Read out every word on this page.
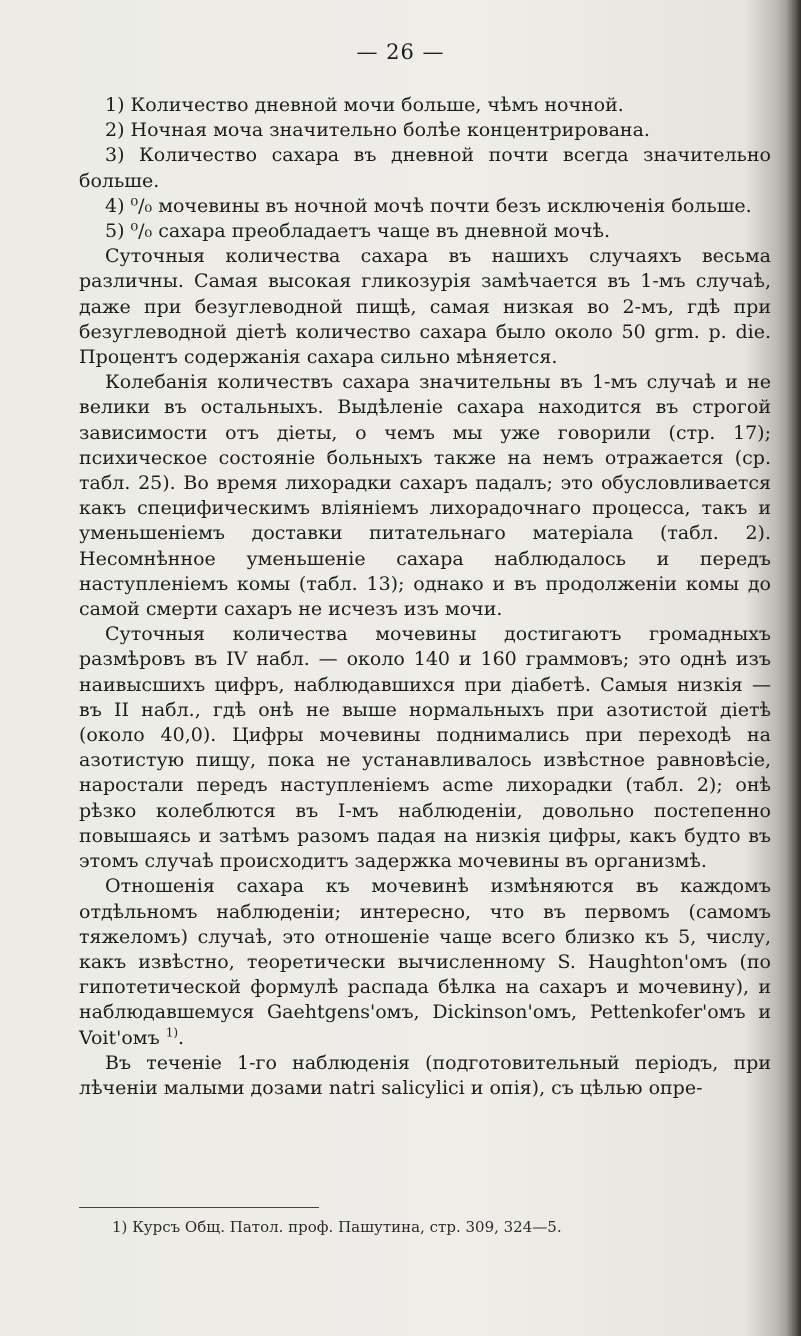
— 26 —

1) Количество дневной мочи больше, чѣмъ ночной.

2) Ночная моча значительно болѣе концентрирована.

3) Количество сахара въ дневной почти всегда значительно больше.

4) ⁰/₀ мочевины въ ночной мочѣ почти безъ исключенія больше.

5) ⁰/₀ сахара преобладаетъ чаще въ дневной мочѣ.

Суточныя количества сахара въ нашихъ случаяхъ весьма различны. Самая высокая гликозурія замѣчается въ 1-мъ случаѣ, даже при безуглеводной пищѣ, самая низкая во 2-мъ, гдѣ при безуглеводной діетѣ количество сахара было около 50 grm. p. die. Процентъ содержанія сахара сильно мѣняется.

Колебанія количествъ сахара значительны въ 1-мъ случаѣ и не велики въ остальныхъ. Выдѣленіе сахара находится въ строгой зависимости отъ діеты, о чемъ мы уже говорили (стр. 17); психическое состояніе больныхъ также на немъ отражается (ср. табл. 25). Во время лихорадки сахаръ падалъ; это обусловливается какъ специфическимъ вліяніемъ лихорадочнаго процесса, такъ и уменьшеніемъ доставки питательнаго матеріала (табл. 2). Несомнѣнное уменьшеніе сахара наблюдалось и передъ наступленіемъ комы (табл. 13); однако и въ продолженіи комы до самой смерти сахаръ не исчезъ изъ мочи.

Суточныя количества мочевины достигаютъ громадныхъ размѣровъ въ IV набл. — около 140 и 160 граммовъ; это однѣ изъ наивысшихъ цифръ, наблюдавшихся при діабетѣ. Самыя низкія — въ II набл., гдѣ онѣ не выше нормальныхъ при азотистой діетѣ (около 40,0). Цифры мочевины поднимались при переходѣ на азотистую пищу, пока не устанавливалось извѣстное равновѣсіе, наростали передъ наступленіемъ acme лихорадки (табл. 2); онѣ рѣзко колеблются въ I-мъ наблюденіи, довольно постепенно повышаясь и затѣмъ разомъ падая на низкія цифры, какъ будто въ этомъ случаѣ происходитъ задержка мочевины въ организмѣ.

Отношенія сахара къ мочевинѣ измѣняются въ каждомъ отдѣльномъ наблюденіи; интересно, что въ первомъ (самомъ тяжеломъ) случаѣ, это отношеніе чаще всего близко къ 5, числу, какъ извѣстно, теоретически вычисленному S. Haughton'омъ (по гипотетической формулѣ распада бѣлка на сахаръ и мочевину), и наблюдавшемуся Gaehtgens'омъ, Dickinson'омъ, Pettenkofer'омъ и Voit'омъ $^{1)}$.

Въ теченіе 1-го наблюденія (подготовительный періодъ, при лѣченіи малыми дозами natri salicylici и опія), съ цѣлью опре-

1) Курсъ Общ. Патол. проф. Пашутина, стр. 309, 324—5.
